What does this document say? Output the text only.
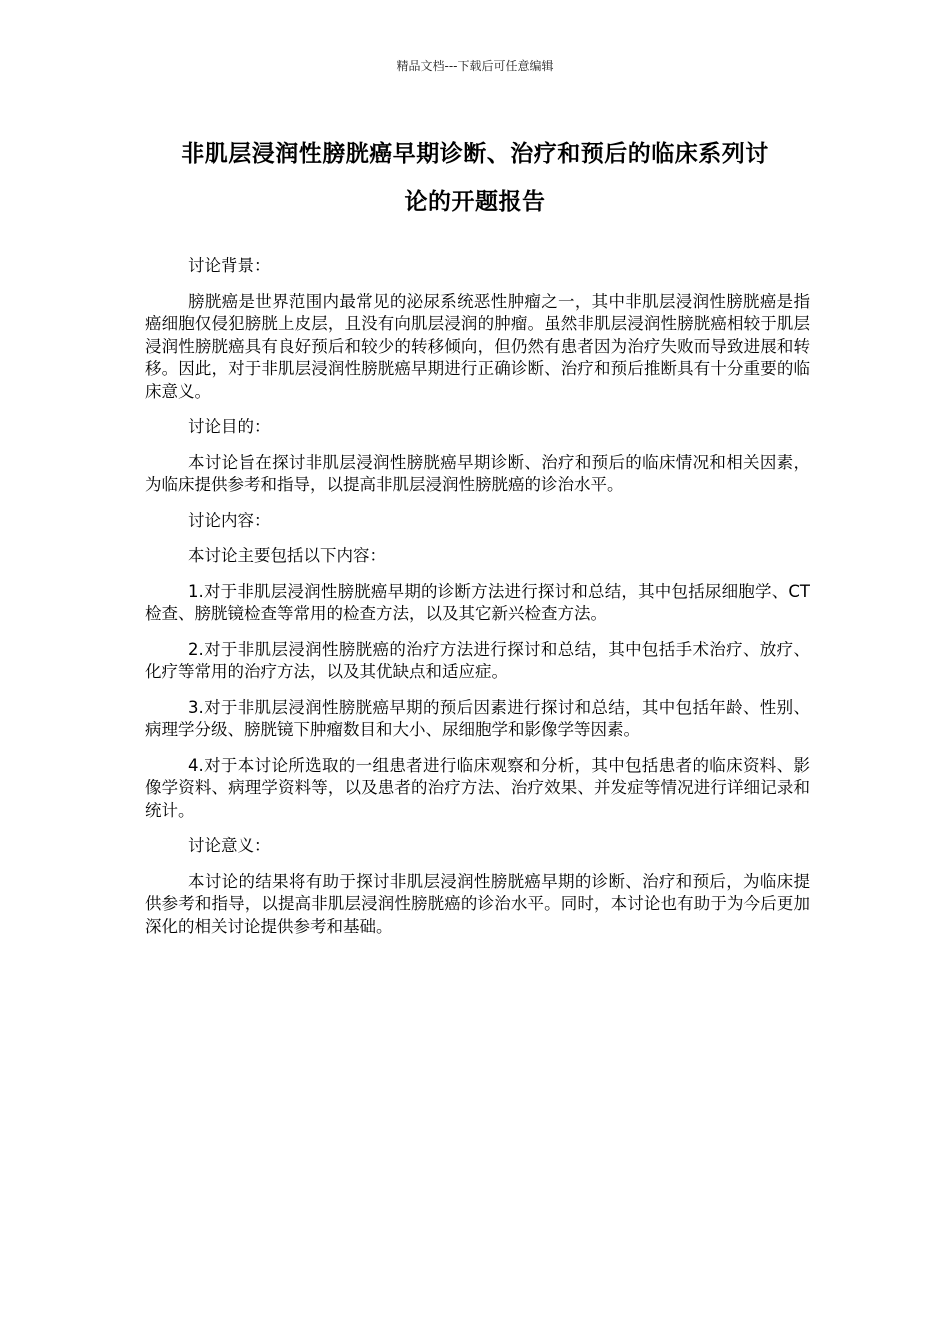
精品文档---下载后可任意编辑
非肌层浸润性膀胱癌早期诊断、治疗和预后的临床系列讨
论的开题报告

讨论背景：

膀胱癌是世界范围内最常见的泌尿系统恶性肿瘤之一，其中非肌层浸润性膀胱癌是指癌细胞仅侵犯膀胱上皮层，且没有向肌层浸润的肿瘤。虽然非肌层浸润性膀胱癌相较于肌层浸润性膀胱癌具有良好预后和较少的转移倾向，但仍然有患者因为治疗失败而导致进展和转移。因此，对于非肌层浸润性膀胱癌早期进行正确诊断、治疗和预后推断具有十分重要的临床意义。

讨论目的：

本讨论旨在探讨非肌层浸润性膀胱癌早期诊断、治疗和预后的临床情况和相关因素，为临床提供参考和指导，以提高非肌层浸润性膀胱癌的诊治水平。

讨论内容：

本讨论主要包括以下内容：

1.对于非肌层浸润性膀胱癌早期的诊断方法进行探讨和总结，其中包括尿细胞学、CT 检查、膀胱镜检查等常用的检查方法，以及其它新兴检查方法。

2.对于非肌层浸润性膀胱癌的治疗方法进行探讨和总结，其中包括手术治疗、放疗、化疗等常用的治疗方法，以及其优缺点和适应症。

3.对于非肌层浸润性膀胱癌早期的预后因素进行探讨和总结，其中包括年龄、性别、病理学分级、膀胱镜下肿瘤数目和大小、尿细胞学和影像学等因素。

4.对于本讨论所选取的一组患者进行临床观察和分析，其中包括患者的临床资料、影像学资料、病理学资料等，以及患者的治疗方法、治疗效果、并发症等情况进行详细记录和统计。

讨论意义：

本讨论的结果将有助于探讨非肌层浸润性膀胱癌早期的诊断、治疗和预后，为临床提供参考和指导，以提高非肌层浸润性膀胱癌的诊治水平。同时，本讨论也有助于为今后更加深化的相关讨论提供参考和基础。
